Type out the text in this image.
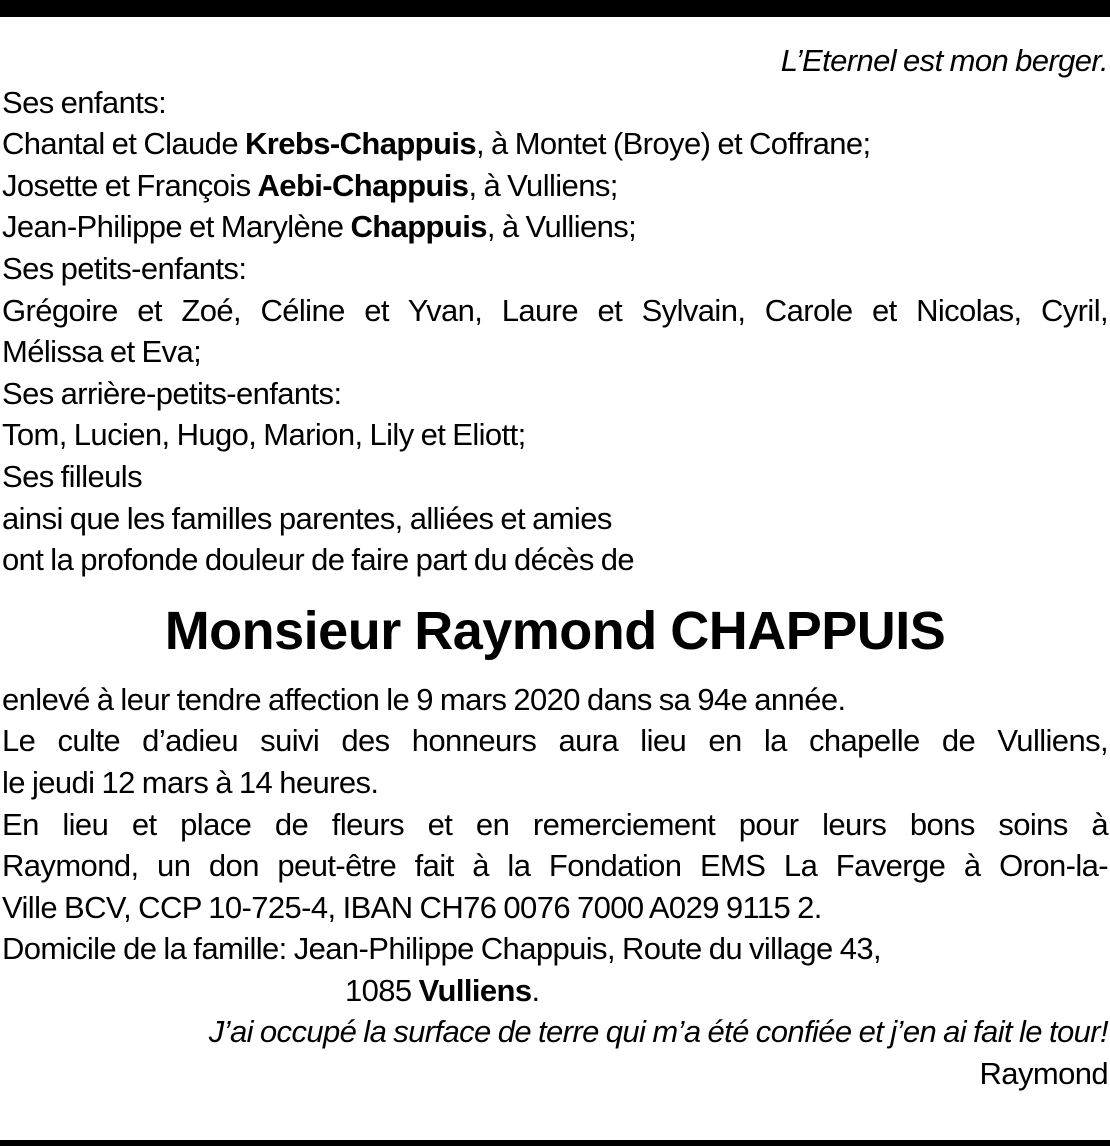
L’Eternel est mon berger.

Ses enfants:

Chantal et Claude Krebs-Chappuis, à Montet (Broye) et Coffrane;

Josette et François Aebi-Chappuis, à Vulliens;

Jean-Philippe et Marylène Chappuis, à Vulliens;

Ses petits-enfants:

Grégoire et Zoé, Céline et Yvan, Laure et Sylvain, Carole et Nicolas, Cyril,

Mélissa et Eva;

Ses arrière-petits-enfants:

Tom, Lucien, Hugo, Marion, Lily et Eliott;

Ses filleuls

ainsi que les familles parentes, alliées et amies

ont la profonde douleur de faire part du décès de

Monsieur Raymond CHAPPUIS

enlevé à leur tendre affection le 9 mars 2020 dans sa 94e année.

Le culte d’adieu suivi des honneurs aura lieu en la chapelle de Vulliens,

le jeudi 12 mars à 14 heures.

En lieu et place de fleurs et en remerciement pour leurs bons soins à

Raymond, un don peut-être fait à la Fondation EMS La Faverge à Oron-la-

Ville BCV, CCP 10-725-4, IBAN CH76 0076 7000 A029 9115 2.

Domicile de la famille: Jean-Philippe Chappuis, Route du village 43,

1085 Vulliens.

J’ai occupé la surface de terre qui m’a été confiée et j’en ai fait le tour!

Raymond
